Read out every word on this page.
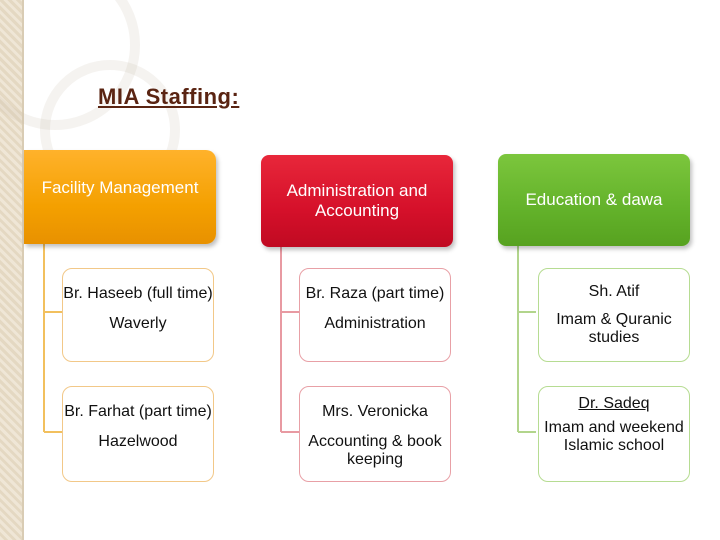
MIA Staffing:
Facility Management	Administration and Accounting
Education & dawa
Br. Haseeb (full time)
Waverly
Br. Farhat (part time)
Hazelwood
Br. Raza (part time)
Administration
Mrs. Veronicka
Accounting & book keeping
Sh. Atif
Imam & Quranic studies
Dr. Sadeq
Imam and weekend Islamic school
